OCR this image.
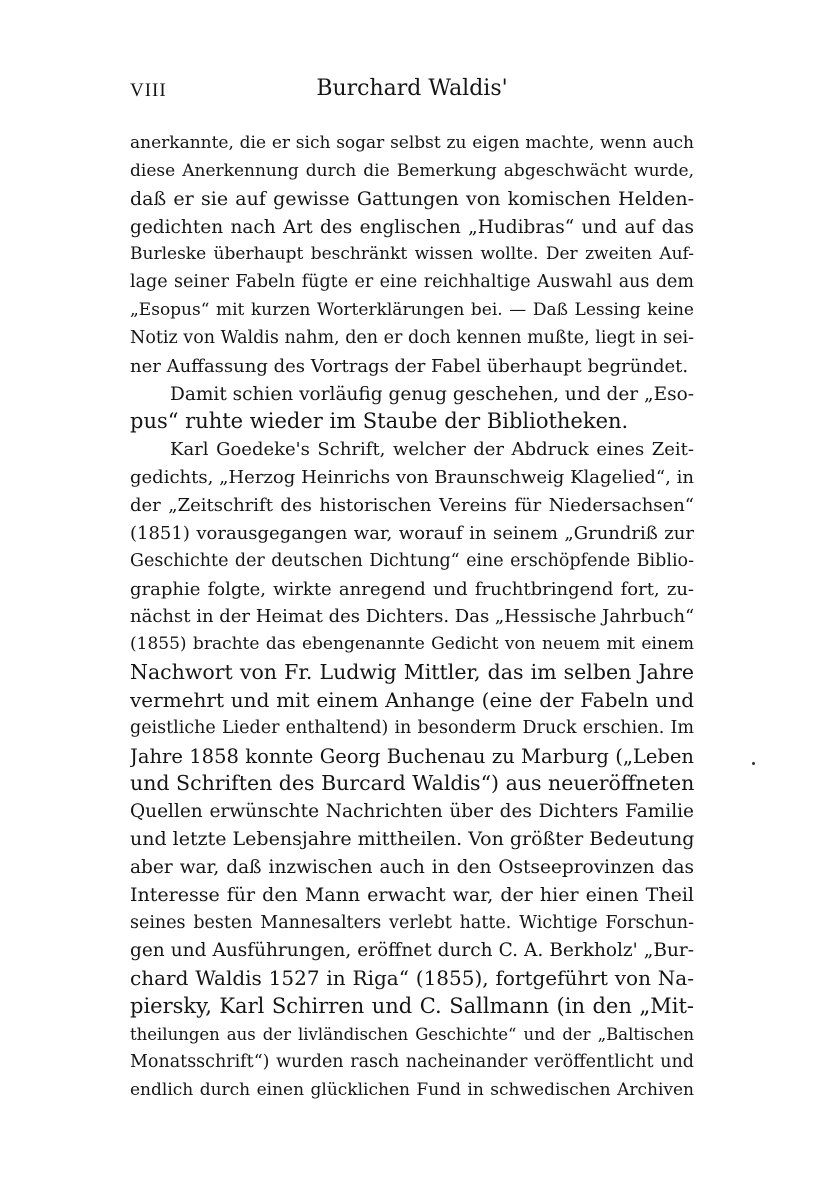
VIII	Burchard Waldis'
anerkannte, die er sich sogar selbst zu eigen machte, wenn auch
diese Anerkennung durch die Bemerkung abgeschwächt wurde,
daß er sie auf gewisse Gattungen von komischen Helden-
gedichten nach Art des englischen „Hudibras“ und auf das
Burleske überhaupt beschränkt wissen wollte. Der zweiten Auf-
lage seiner Fabeln fügte er eine reichhaltige Auswahl aus dem
„Esopus“ mit kurzen Worterklärungen bei. — Daß Lessing keine
Notiz von Waldis nahm, den er doch kennen mußte, liegt in sei-
ner Auffassung des Vortrags der Fabel überhaupt begründet.
Damit schien vorläufig genug geschehen, und der „Eso-
pus“ ruhte wieder im Staube der Bibliotheken.
Karl Goedeke's Schrift, welcher der Abdruck eines Zeit-
gedichts, „Herzog Heinrichs von Braunschweig Klagelied“, in
der „Zeitschrift des historischen Vereins für Niedersachsen“
(1851) vorausgegangen war, worauf in seinem „Grundriß zur
Geschichte der deutschen Dichtung“ eine erschöpfende Biblio-
graphie folgte, wirkte anregend und fruchtbringend fort, zu-
nächst in der Heimat des Dichters. Das „Hessische Jahrbuch“
(1855) brachte das ebengenannte Gedicht von neuem mit einem
Nachwort von Fr. Ludwig Mittler, das im selben Jahre
vermehrt und mit einem Anhange (eine der Fabeln und
geistliche Lieder enthaltend) in besonderm Druck erschien. Im
Jahre 1858 konnte Georg Buchenau zu Marburg („Leben
und Schriften des Burcard Waldis“) aus neueröffneten
Quellen erwünschte Nachrichten über des Dichters Familie
und letzte Lebensjahre mittheilen. Von größter Bedeutung
aber war, daß inzwischen auch in den Ostseeprovinzen das
Interesse für den Mann erwacht war, der hier einen Theil
seines besten Mannesalters verlebt hatte. Wichtige Forschun-
gen und Ausführungen, eröffnet durch C. A. Berkholz' „Bur-
chard Waldis 1527 in Riga“ (1855), fortgeführt von Na-
piersky, Karl Schirren und C. Sallmann (in den „Mit-
theilungen aus der livländischen Geschichte“ und der „Baltischen
Monatsschrift“) wurden rasch nacheinander veröffentlicht und
endlich durch einen glücklichen Fund in schwedischen Archiven
